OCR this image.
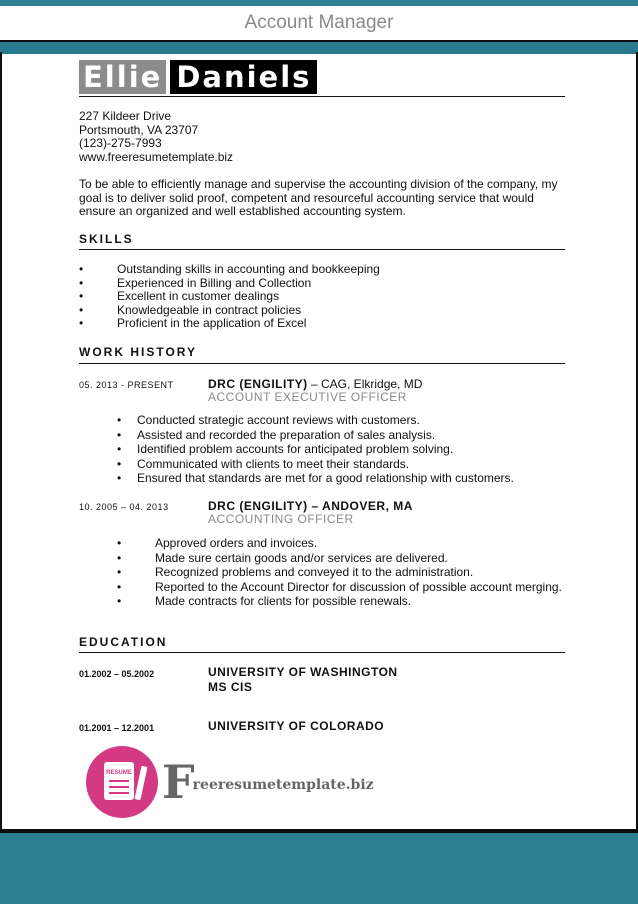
Account Manager
Ellie Daniels
227 Kildeer Drive
Portsmouth, VA 23707
(123)-275-7993
www.freeresumetemplate.biz
To be able to efficiently manage and supervise the accounting division of the company, my goal is to deliver solid proof, competent and resourceful accounting service that would ensure an organized and well established accounting system.
SKILLS
• Outstanding skills in accounting and bookkeeping
• Experienced in Billing and Collection
• Excellent in customer dealings
• Knowledgeable in contract policies
• Proficient in the application of Excel
WORK HISTORY
05. 2013 - PRESENT	DRC (ENGILITY) – CAG, Elkridge, MD
ACCOUNT EXECUTIVE OFFICER
• Conducted strategic account reviews with customers.
• Assisted and recorded the preparation of sales analysis.
• Identified problem accounts for anticipated problem solving.
• Communicated with clients to meet their standards.
• Ensured that standards are met for a good relationship with customers.
10. 2005 – 04. 2013	DRC (ENGILITY) – ANDOVER, MA
ACCOUNTING OFFICER
• Approved orders and invoices.
• Made sure certain goods and/or services are delivered.
• Recognized problems and conveyed it to the administration.
• Reported to the Account Director for discussion of possible account merging.
• Made contracts for clients for possible renewals.
EDUCATION
01.2002 – 05.2002	UNIVERSITY OF WASHINGTON
MS CIS
01.2001 – 12.2001	UNIVERSITY OF COLORADO
RESUME Freeresumetemplate.biz
